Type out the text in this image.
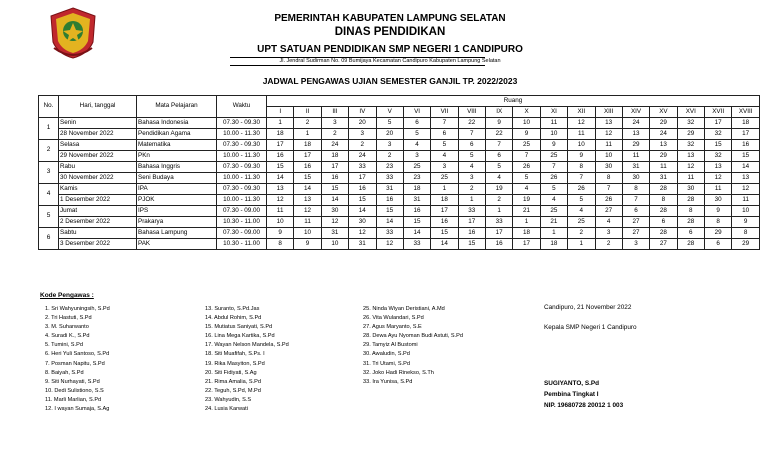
PEMERINTAH KABUPATEN LAMPUNG SELATAN
DINAS PENDIDIKAN
UPT SATUAN PENDIDIKAN SMP NEGERI 1 CANDIPURO
Jl. Jendral Sudirman No. 09 Bumijaya Kecamatan Candipuro Kabupaten Lampung Selatan
JADWAL PENGAWAS UJIAN SEMESTER GANJIL TP. 2022/2023
No.	Hari, tanggal	Mata Pelajaran	Waktu	Ruang																	
				I	II	III	IV	V	VI	VII	VIII	IX	X	XI	XII	XIII	XIV	XV	XVI	XVII	XVIII
1	Senin	Bahasa Indonesia	07.30 - 09.30	1	2	3	20	5	6	7	22	9	10	11	12	13	24	29	32	17	18
	28 November 2022	Pendidikan Agama	10.00 - 11.30	18	1	2	3	20	5	6	7	22	9	10	11	12	13	24	29	32	17
2	Selasa	Matematika	07.30 - 09.30	17	18	24	2	3	4	5	6	7	25	9	10	11	29	13	32	15	16
	29 November 2022	PKn	10.00 - 11.30	16	17	18	24	2	3	4	5	6	7	25	9	10	11	29	13	32	15
3	Rabu	Bahasa Inggris	07.30 - 09.30	15	16	17	33	23	25	3	4	5	26	7	8	30	31	11	12	13	14
	30 November 2022	Seni Budaya	10.00 - 11.30	14	15	16	17	33	23	25	3	4	5	26	7	8	30	31	11	12	13
4	Kamis	IPA	07.30 - 09.30	13	14	15	16	31	18	1	2	19	4	5	26	7	8	28	30	11	12
	1 Desember 2022	PJOK	10.00 - 11.30	12	13	14	15	16	31	18	1	2	19	4	5	26	7	8	28	30	11
5	Jumat	IPS	07.30 - 09.00	11	12	30	14	15	16	17	33	1	21	25	4	27	6	28	8	9	10
	2 Desember 2022	Prakarya	10.30 - 11.00	10	11	12	30	14	15	16	17	33	1	21	25	4	27	6	28	8	9
6	Sabtu	Bahasa Lampung	07.30 - 09.00	9	10	31	12	33	14	15	16	17	18	1	2	3	27	28	6	29	8
	3 Desember 2022	PAK	10.30 - 11.00	8	9	10	31	12	33	14	15	16	17	18	1	2	3	27	28	6	29
Kode Pengawas :
1. Sri Wahyuningsih, S.Pd
2. Tri Hastuti, S.Pd
3. M. Suharwanto
4. Suradi K., S.Pd
5. Tumini, S.Pd
6. Heri Yuli Santoso, S.Pd
7. Posman Napitu, S.Pd
8. Baiyah, S.Pd
9. Siti Nurhayati, S.Pd
10. Dedi Sulistiono, S.S
11. Marli Marlian, S.Pd
12. I wayan Sumaja, S.Ag
13. Suranto, S.Pd.Jas
14. Abdul Rohim, S.Pd
15. Mutiatus Saniyati, S.Pd
16. Lina Mega Kartika, S.Pd
17. Wayan Nelson Mandela, S.Pd
18. Siti Muafifah, S.Ps. I
19. Rika Masyiton, S.Pd
20. Siti Fidiyati, S.Ag
21. Rima Amalia, S.Pd
22. Teguh, S.Pd, M.Pd
23. Wahyudin, S.S
24. Lusia Karwati
25. Ninda Wiyan Deristiani, A.Md
26. Vita Wulandari, S.Pd
27. Agus Maryanto, S.E
28. Dewa Ayu Nyoman Budi Astuti, S.Pd
29. Tamyiz Al Bustomi
30. Awaludin, S.Pd
31. Tri Utami, S.Pd
32. Joko Hadi Rinekso, S.Th
33. Ira Yunisa, S.Pd
Candipuro, 21 November 2022
Kepala SMP Negeri 1 Candipuro
SUGIYANTO, S.Pd
Pembina Tingkat I
NIP. 19680728 20012 1 003
